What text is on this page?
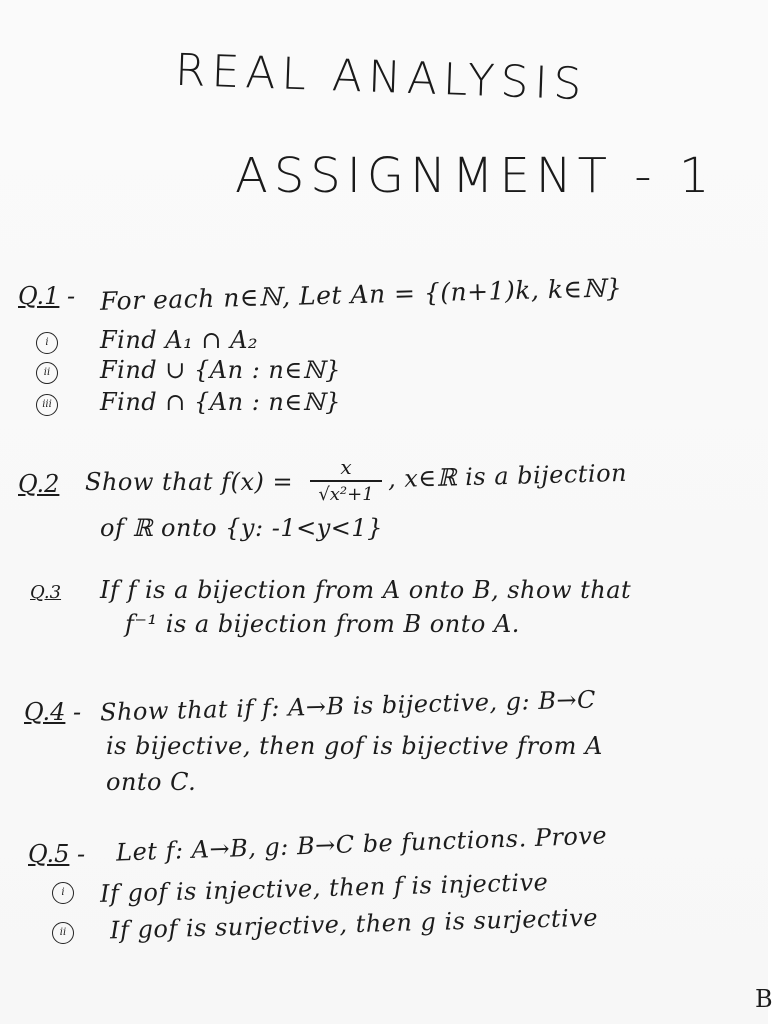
REAL ANALYSIS
ASSIGNMENT - 1
Q.1 - For each n∈ℕ, Let An = {(n+1)k, k∈ℕ}
i	Find A₁ ∩ A₂
ii	Find ∪ {An : n∈ℕ}
iii Find ∩ {An : n∈ℕ}
Q.2 Show that f(x) =
x
√x²+1
, x∈ℝ is a bijection
of ℝ onto {y: -1<y<1}
Q.3 If f is a bijection from A onto B, show that
f⁻¹ is a bijection from B onto A.
Q.4 - Show that if f: A→B is bijective, g: B→C
is bijective, then gof is bijective from A
onto C.
Q.5 - Let f: A→B, g: B→C be functions. Prove
i	If gof is injective, then f is injective
ii	If gof is surjective, then g is surjective
B
